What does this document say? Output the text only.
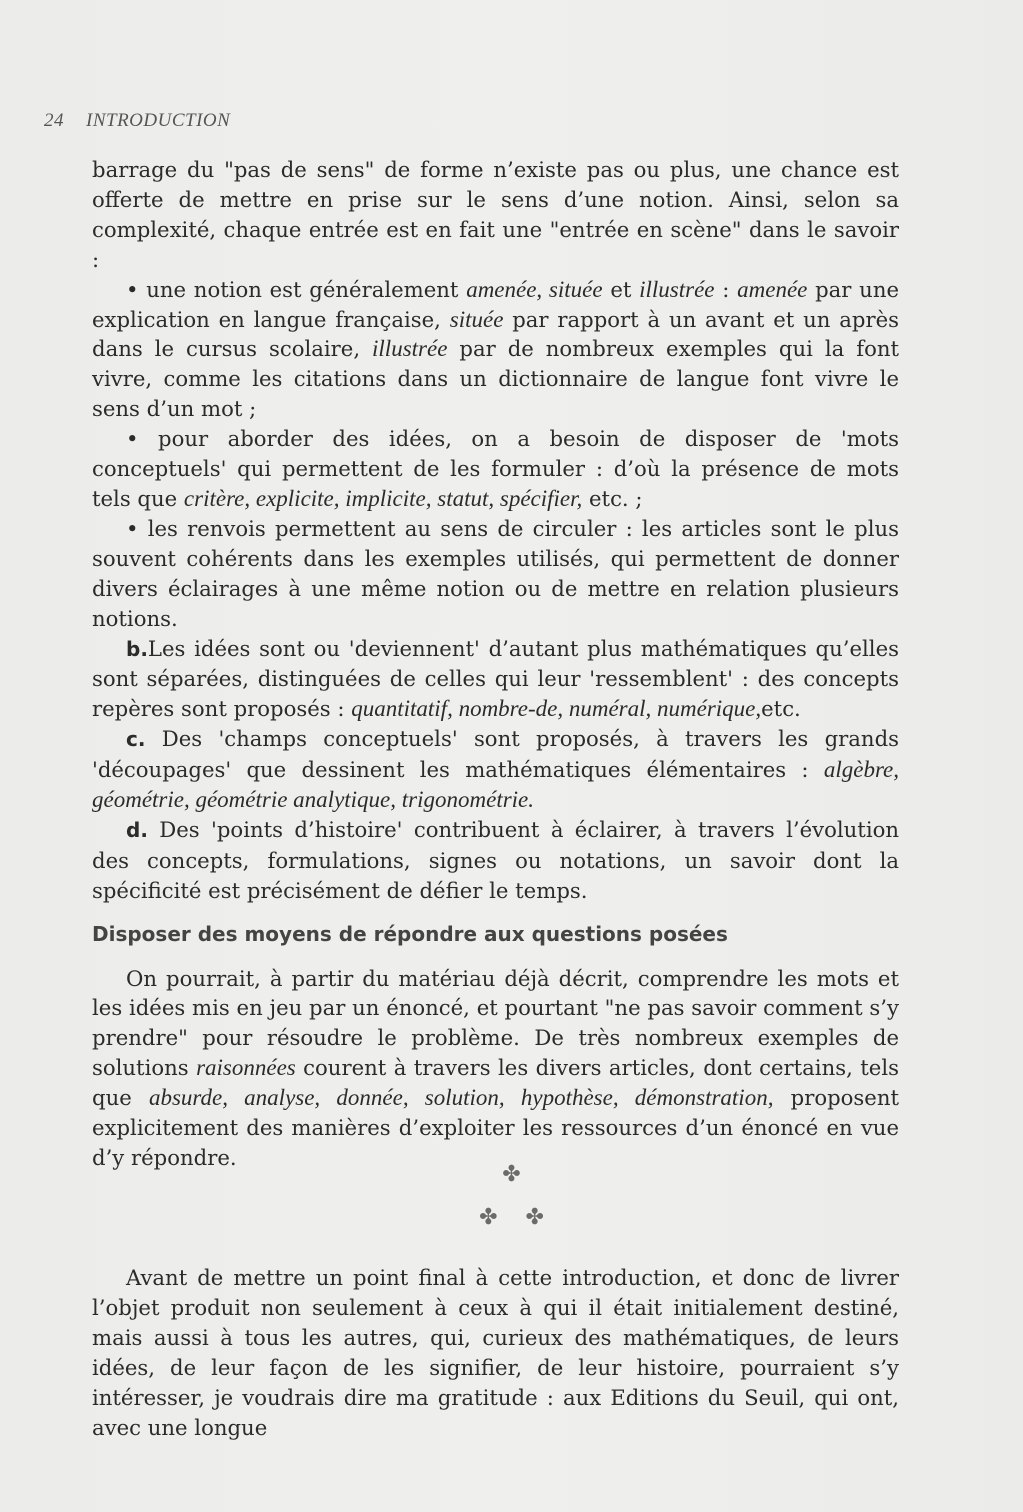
24 INTRODUCTION

barrage du "pas de sens" de forme n’existe pas ou plus, une chance est offerte de mettre en prise sur le sens d’une notion. Ainsi, selon sa complexité, chaque entrée est en fait une "entrée en scène" dans le savoir :

• une notion est généralement amenée, située et illustrée : amenée par une explication en langue française, située par rapport à un avant et un après dans le cursus scolaire, illustrée par de nombreux exemples qui la font vivre, comme les citations dans un dictionnaire de langue font vivre le sens d’un mot ;

• pour aborder des idées, on a besoin de disposer de 'mots conceptuels' qui permettent de les formuler : d’où la présence de mots tels que critère, explicite, implicite, statut, spécifier, etc. ;

• les renvois permettent au sens de circuler : les articles sont le plus souvent cohérents dans les exemples utilisés, qui permettent de donner divers éclairages à une même notion ou de mettre en relation plusieurs notions.

b.Les idées sont ou 'deviennent' d’autant plus mathématiques qu’elles sont séparées, distinguées de celles qui leur 'ressemblent' : des concepts repères sont proposés : quantitatif, nombre-de, numéral, numérique,etc.

c. Des 'champs conceptuels' sont proposés, à travers les grands 'découpages' que dessinent les mathématiques élémentaires : algèbre, géométrie, géométrie analytique, trigonométrie.

d. Des 'points d’histoire' contribuent à éclairer, à travers l’évolution des concepts, formulations, signes ou notations, un savoir dont la spécificité est précisément de défier le temps.

Disposer des moyens de répondre aux questions posées

On pourrait, à partir du matériau déjà décrit, comprendre les mots et les idées mis en jeu par un énoncé, et pourtant "ne pas savoir comment s’y prendre" pour résoudre le problème. De très nombreux exemples de solutions raisonnées courent à travers les divers articles, dont certains, tels que absurde, analyse, donnée, solution, hypothèse, démonstration, proposent explicitement des manières d’exploiter les ressources d’un énoncé en vue d’y répondre.

✤
✤ ✤

Avant de mettre un point final à cette introduction, et donc de livrer l’objet produit non seulement à ceux à qui il était initialement destiné, mais aussi à tous les autres, qui, curieux des mathématiques, de leurs idées, de leur façon de les signifier, de leur histoire, pourraient s’y intéresser, je voudrais dire ma gratitude : aux Editions du Seuil, qui ont, avec une longue
